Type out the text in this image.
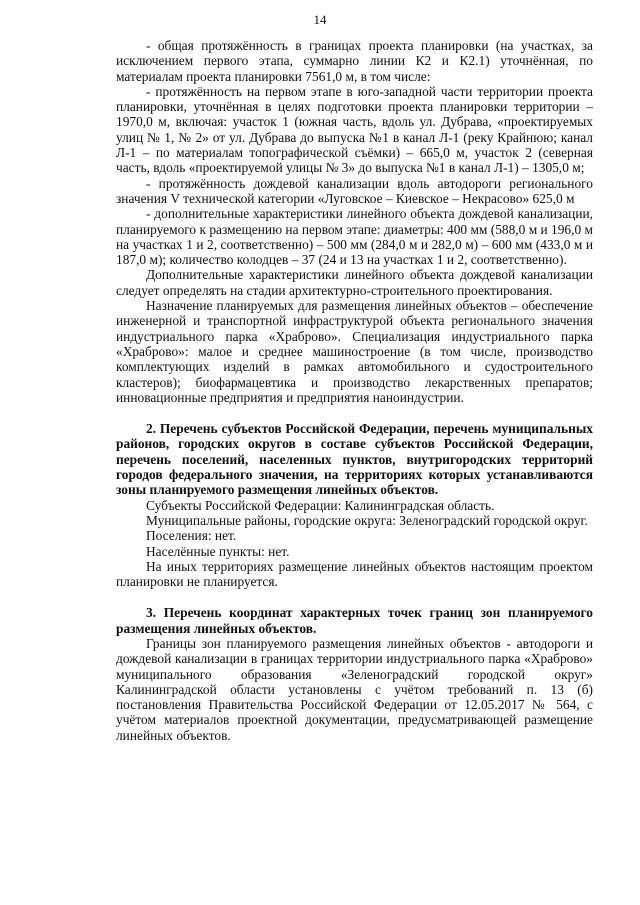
14

- общая протяжённость в границах проекта планировки (на участках, за исключением первого этапа, суммарно линии К2 и К2.1) уточнённая, по материалам проекта планировки 7561,0 м, в том числе:

- протяжённость на первом этапе в юго-западной части территории проекта планировки, уточнённая в целях подготовки проекта планировки территории – 1970,0 м, включая: участок 1 (южная часть, вдоль ул. Дубрава, «проектируемых улиц № 1, № 2» от ул. Дубрава до выпуска №1 в канал Л-1 (реку Крайнюю; канал Л-1 – по материалам топографической съёмки) – 665,0 м, участок 2 (северная часть, вдоль «проектируемой улицы № 3» до выпуска №1 в канал Л-1) – 1305,0 м;

- протяжённость дождевой канализации вдоль автодороги регионального значения V технической категории «Луговское – Киевское – Некрасово» 625,0 м

- дополнительные характеристики линейного объекта дождевой канализации, планируемого к размещению на первом этапе: диаметры: 400 мм (588,0 м и 196,0 м на участках 1 и 2, соответственно) – 500 мм (284,0 м и 282,0 м) – 600 мм (433,0 м и 187,0 м); количество колодцев – 37 (24 и 13 на участках 1 и 2, соответственно).

Дополнительные характеристики линейного объекта дождевой канализации следует определять на стадии архитектурно-строительного проектирования.

Назначение планируемых для размещения линейных объектов – обеспечение инженерной и транспортной инфраструктурой объекта регионального значения индустриального парка «Храброво». Специализация индустриального парка «Храброво»: малое и среднее машиностроение (в том числе, производство комплектующих изделий в рамках автомобильного и судостроительного кластеров); биофармацевтика и производство лекарственных препаратов; инновационные предприятия и предприятия наноиндустрии.

2. Перечень субъектов Российской Федерации, перечень муниципальных районов, городских округов в составе субъектов Российской Федерации, перечень поселений, населенных пунктов, внутригородских территорий городов федерального значения, на территориях которых устанавливаются зоны планируемого размещения линейных объектов.

Субъекты Российской Федерации: Калининградская область.

Муниципальные районы, городские округа: Зеленоградский городской округ.

Поселения: нет.

Населённые пункты: нет.

На иных территориях размещение линейных объектов настоящим проектом планировки не планируется.

3. Перечень координат характерных точек границ зон планируемого размещения линейных объектов.

Границы зон планируемого размещения линейных объектов - автодороги и дождевой канализации в границах территории индустриального парка «Храброво» муниципального образования «Зеленоградский городской округ» Калининградской области установлены с учётом требований п. 13 (б) постановления Правительства Российской Федерации от 12.05.2017 № 564, с учётом материалов проектной документации, предусматривающей размещение линейных объектов.
